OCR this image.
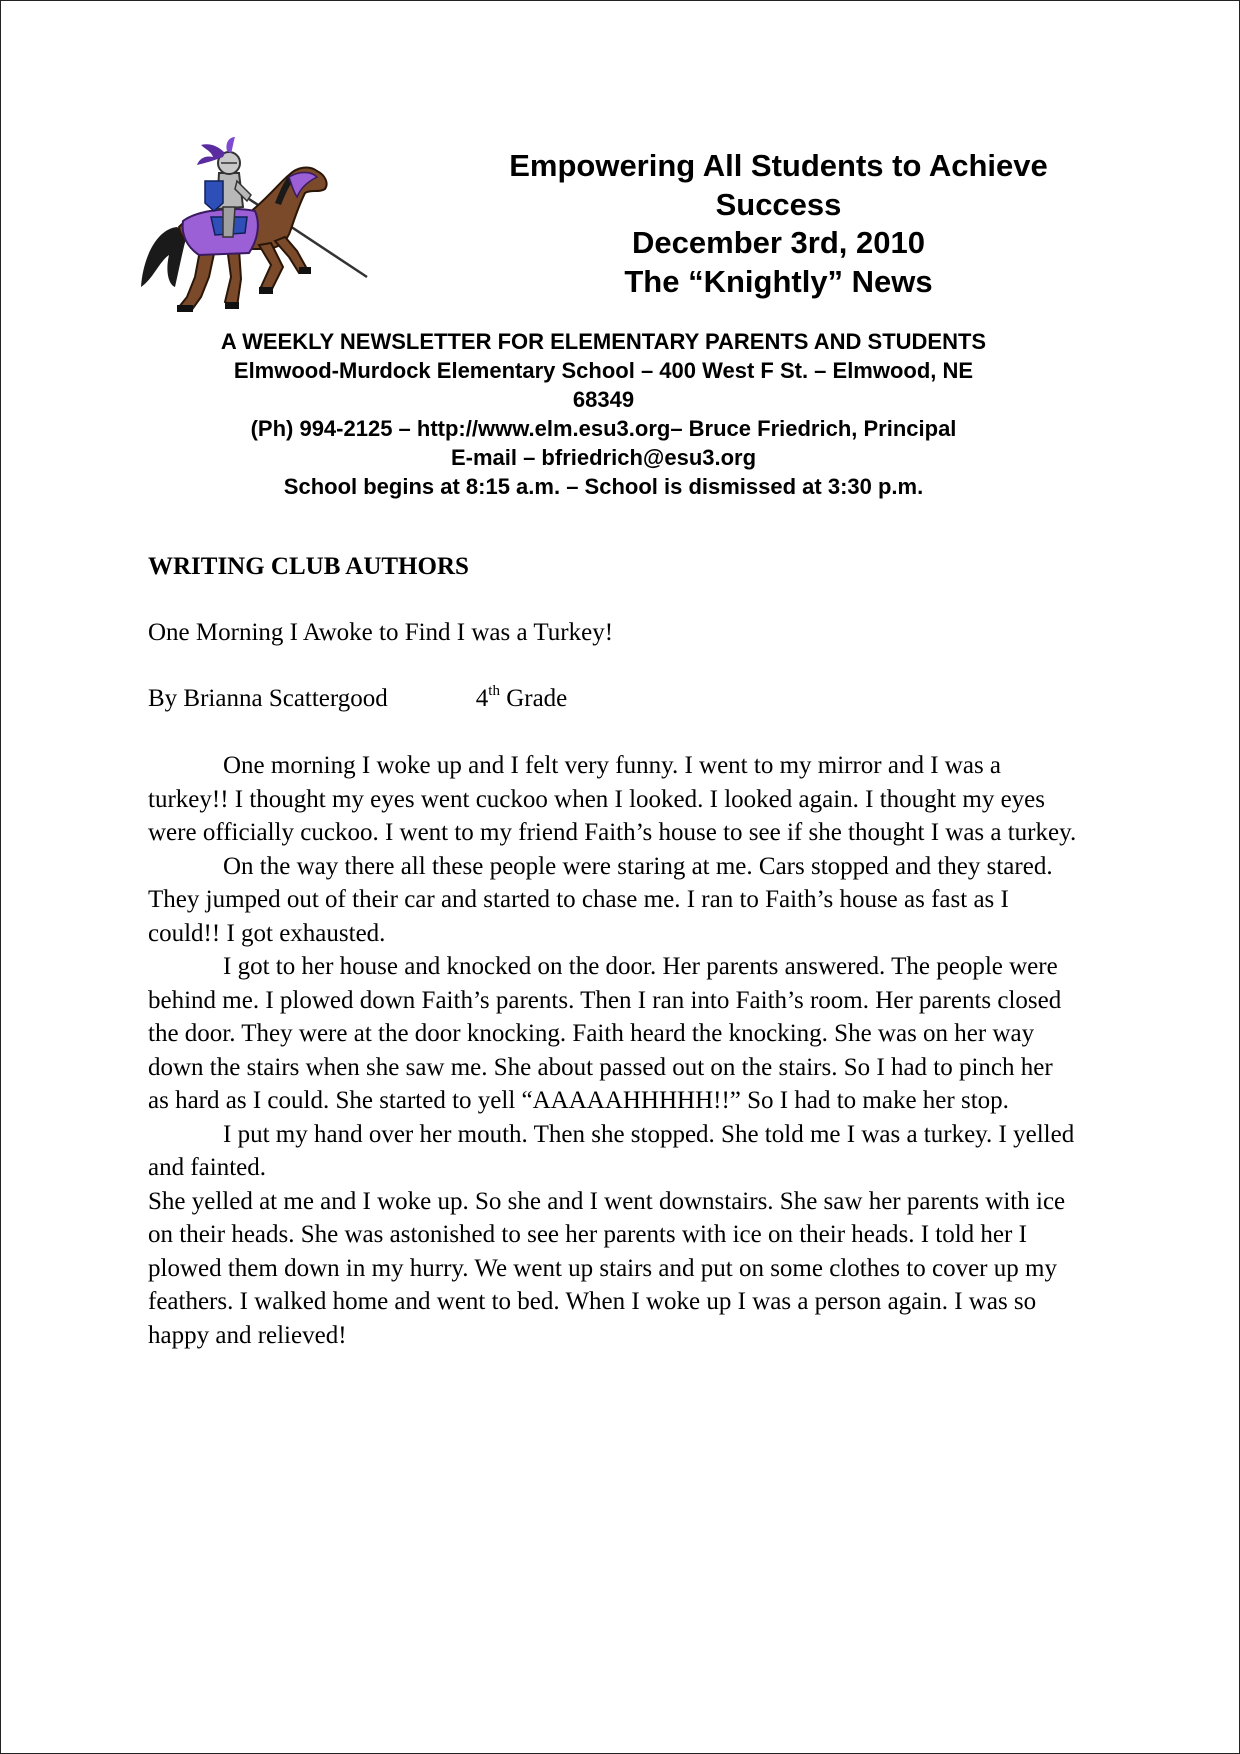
Empowering All Students to Achieve
Success
December 3rd, 2010
The “Knightly” News
A WEEKLY NEWSLETTER FOR ELEMENTARY PARENTS AND STUDENTS
Elmwood-Murdock Elementary School – 400 West F St. – Elmwood, NE
68349
(Ph) 994-2125 – http://www.elm.esu3.org– Bruce Friedrich, Principal
E-mail – bfriedrich@esu3.org
School begins at 8:15 a.m. – School is dismissed at 3:30 p.m.

WRITING CLUB AUTHORS

One Morning I Awoke to Find I was a Turkey!

By Brianna Scattergood	4th Grade

One morning I woke up and I felt very funny. I went to my mirror and I was a turkey!! I thought my eyes went cuckoo when I looked. I looked again. I thought my eyes were officially cuckoo. I went to my friend Faith’s house to see if she thought I was a turkey.

On the way there all these people were staring at me. Cars stopped and they stared. They jumped out of their car and started to chase me. I ran to Faith’s house as fast as I could!! I got exhausted.

I got to her house and knocked on the door. Her parents answered. The people were behind me. I plowed down Faith’s parents. Then I ran into Faith’s room. Her parents closed the door. They were at the door knocking. Faith heard the knocking. She was on her way down the stairs when she saw me. She about passed out on the stairs. So I had to pinch her as hard as I could. She started to yell “AAAAAHHHHH!!” So I had to make her stop.

I put my hand over her mouth. Then she stopped. She told me I was a turkey. I yelled and fainted.

She yelled at me and I woke up. So she and I went downstairs. She saw her parents with ice on their heads. She was astonished to see her parents with ice on their heads. I told her I plowed them down in my hurry. We went up stairs and put on some clothes to cover up my feathers. I walked home and went to bed. When I woke up I was a person again. I was so happy and relieved!
